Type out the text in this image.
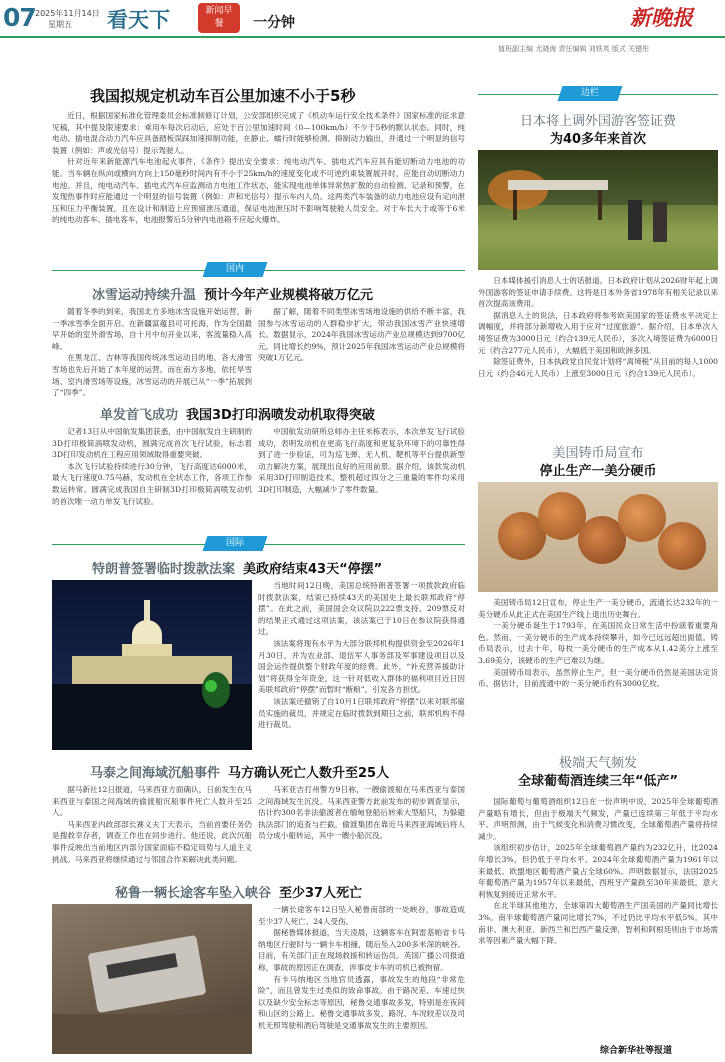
07 2025年11月14日
星期五 看天下	新闻早餐	一分钟	新晚报
值班副主编 尤晓海 责任编辑 刘铁英 版式 关键彤
我国拟规定机动车百公里加速不小于5秒
近日，根据国家标准化管理委员会标准制修订计划，公安部组织完成了《机动车运行安全技术条件》国家标准的征求意见稿，其中提及限速要求：乘用车每次启动后，应处于百公里加速时间（0—100km/h）不少于5秒的默认状态。同时，纯电动、插电混合动力汽车应具备踏板误踩加速抑制功能，在静止、蠕行时能够检测、抑制动力输出，并通过一个明显的信号装置（例如：声或光信号）提示驾驶人。
针对近年来新能源汽车电池起火事件，《条件》提出安全要求：纯电动汽车、插电式汽车应具有能切断动力电池的功能。当车辆在纵向或横向方向上150毫秒时间内有不小于25km/h的速度变化或不可逆约束装置展开时，应能自动切断动力电池。并且，纯电动汽车、插电式汽车应监测动力电池工作状态，能实现电池单体异常热扩散的自动检测、记录和预警，在发现热事件时应能通过一个明显的信号装置（例如：声和光信号）提示车内人员。这两类汽车装备的动力电池应设有定向泄压和压力平衡装置，且在设计和制造上应预留泄压通道，保证电池泄压时不影响驾驶舱人员安全。对于车长大于或等于6米的纯电动客车、插电客车，电池报警后5分钟内电池箱不应起火爆炸。
国内
冰雪运动持续升温 预计今年产业规模将破万亿元
随着冬季的到来，我国北方多地冰雪设施开始运营，新一季冰雪季全面开启。在新疆富蕴县可可托海，作为全国最早开始的室外滑雪场，自十月中旬开业以来，客流量稳入高峰。
在黑龙江、吉林等我国传统冰雪运动目的地，各大滑雪雪场也先后开始了本年度的运营。而在南方多地，依托旱雪场、室内滑雪场等设施，冰雪运动的开展已从“一季”拓展到了“四季”。
据了解，随着不同类型冰雪场地设施的供给不断丰富，我国参与冰雪运动的人群稳步扩大，带动我国冰雪产业快速增长。数据显示，2024年我国冰雪运动产业总规模达到9700亿元，同比增长约9%，预计2025年我国冰雪运动产业总规模将突破1万亿元。
单发首飞成功 我国3D打印涡喷发动机取得突破
记者13日从中国航发集团获悉，由中国航发自主研制的3D打印极简涡喷发动机，圆满完成首次飞行试验，标志着3D打印发动机在工程应用领域取得重要突破。
本次飞行试验持续进行30分钟，飞行高度达6000米，最大飞行速度0.75马赫，发动机在全状态工作，各项工作参数运转常。圆满完成我国自主研制3D打印极简涡喷发动机的首次唯一动力单发飞行试验。
中国航发动研所总师办主任米栋表示，本次单发飞行试验成功，表明发动机在更高飞行高度和更复杂环境下的可靠性得到了进一步验证，可为巡飞弹、无人机、靶机等平台提供新型动力解决方案，展现出良好的应用前景。据介绍，该款发动机采用3D打印制造技术，整机超过四分之三重量的零件均采用3D打印制造，大幅减少了零件数量。
国际
特朗普签署临时拨款法案 美政府结束43天“停摆”
当地时间12日晚，美国总统特朗普签署一项拨款政府临时拨款法案，结束已持续43天的美国史上最长联邦政府“停摆”。在此之前，美国国会众议院以222票支持、209票反对的结果正式通过这项法案，该法案已于10日在参议院获得通过。
该法案将现有水平为大部分联邦机构提供资金至2026年1月30日，并为农业部、退伍军人事务部及军事建设项目以及国会运作提供整个财政年度的经费。此外，“补充营养援助计划”将获得全年资金，这一针对低收入群体的福利项目近日因美联邦政府“停摆”而暂时“断粮”，引发各方担忧。
该法案还撤销了自10月1日联邦政府“停摆”以来对联邦雇员实施的裁员，并规定在临时拨款到期日之前，联邦机构不得进行裁员。
马泰之间海域沉船事件 马方确认死亡人数升至25人
据马新社12日报道，马来西亚方面确认，日前发生在马来西亚与泰国之间海域的偷渡船沉船事件死亡人数升至25人。
马来西亚内政部部长赛义夫丁天表示，当前首要任务仍是搜救幸存者，调查工作也在同步进行。他还说，此次沉船事件反映出当前地区内部分国家面临不稳定局势与人道主义挑战。马来西亚将继续通过与邻国合作来解决此类问题。
马来亚吉打州警方9日称，一艘偷渡船在马来西亚与泰国之间海域发生沉没。马来西亚警方此前发布的初步调查显示，估计约300名非法偷渡者在缅甸登船后转乘大型船只，为躲避执法部门的追查与拦截，偷渡集团在靠近马来西亚海域后将人员分成小船转运，其中一艘小船沉没。
秘鲁一辆长途客车坠入峡谷 至少37人死亡
一辆长途客车12日坠入秘鲁南部的一处峡谷，事故造成至少37人死亡、24人受伤。
据秘鲁媒体报道，当天凌晨，这辆客车在阿雷基帕省卡马纳地区行驶时与一辆卡车相撞，随后坠入200多米深的峡谷。目前，有关部门正在现场救援和转运伤员。英国广播公司报道称，事故的原因正在调查，涉事皮卡车的司机已被拘留。
有卡马纳地区当地官员透露，事故发生的地段“非常危险”，而且曾发生过类似的致命事故。由于路况差、车速过快以及缺少安全标志等原因，秘鲁交通事故多发，特别是在夜间和山区的公路上。秘鲁交通事故多发，路况、车况较差以及司机无照驾驶和酒后驾驶是交通事故发生的主要原因。
边栏
日本将上调外国游客签证费
为40多年来首次
日本媒体援引消息人士的话报道，日本政府计划从2026财年起上调外国游客的签证申请手续费。这将是日本外务省1978年有相关记录以来首次提高该费用。
据消息人士的说法，日本政府将参考欧美国家的签证费水平决定上调幅度，并将部分新增收入用于应对“过度旅游”。据介绍，日本单次入境签证费为3000日元（约合139元人民币），多次入境签证费为6000日元（约合277元人民币），大幅低于美国和欧洲多国。
除签证费外，日本执政党自民党计划将“离境税”从目前的每人1000日元（约合46元人民币）上涨至3000日元（约合139元人民币）。
美国铸币局宣布
停止生产一美分硬币
美国铸币局12日宣布，停止生产一美分硬币，流通长达232年的一美分硬币从此正式在美国生产线上退出历史舞台。
一美分硬币诞生于1793年，在美国民众日常生活中扮演着重要角色。然而，一美分硬币的生产成本持续攀升，如今已远远超出面值。铸币局表示，过去十年，每枚一美分硬币的生产成本从1.42美分上涨至3.69美分，该硬币的生产已难以为继。
美国铸币局表示，虽然停止生产，但一美分硬币仍然是美国法定货币。据估计，目前流通中的一美分硬币约有3000亿枚。
极端天气频发
全球葡萄酒连续三年“低产”
国际葡萄与葡萄酒组织12日在一份声明中说，2025年全球葡萄酒产量略有增长，但由于极端天气频发，产量已连续第三年低于平均水平。声明预测，由于气候变化和消费习惯改变，全球葡萄酒产量将持续减少。
该组织初步估计，2025年全球葡萄酒产量约为232亿升，比2024年增长3%，但仍低于平均水平。2024年全球葡萄酒产量为1961年以来最低。欧盟地区葡萄酒产量占全球60%。声明数据显示，法国2025年葡萄酒产量为1957年以来最低，西班牙产量跌至30年来最低，意大利恢复到接近正常水平。
在北半球其他地方，全球第四大葡萄酒生产国美国的产量同比增长3%。南半球葡萄酒产量同比增长7%，不过仍比平均水平低5%。其中南非、澳大利亚、新西兰和巴西产量反弹，智利和阿根廷则由于市场需求等因素产量大幅下降。
综合新华社等报道
